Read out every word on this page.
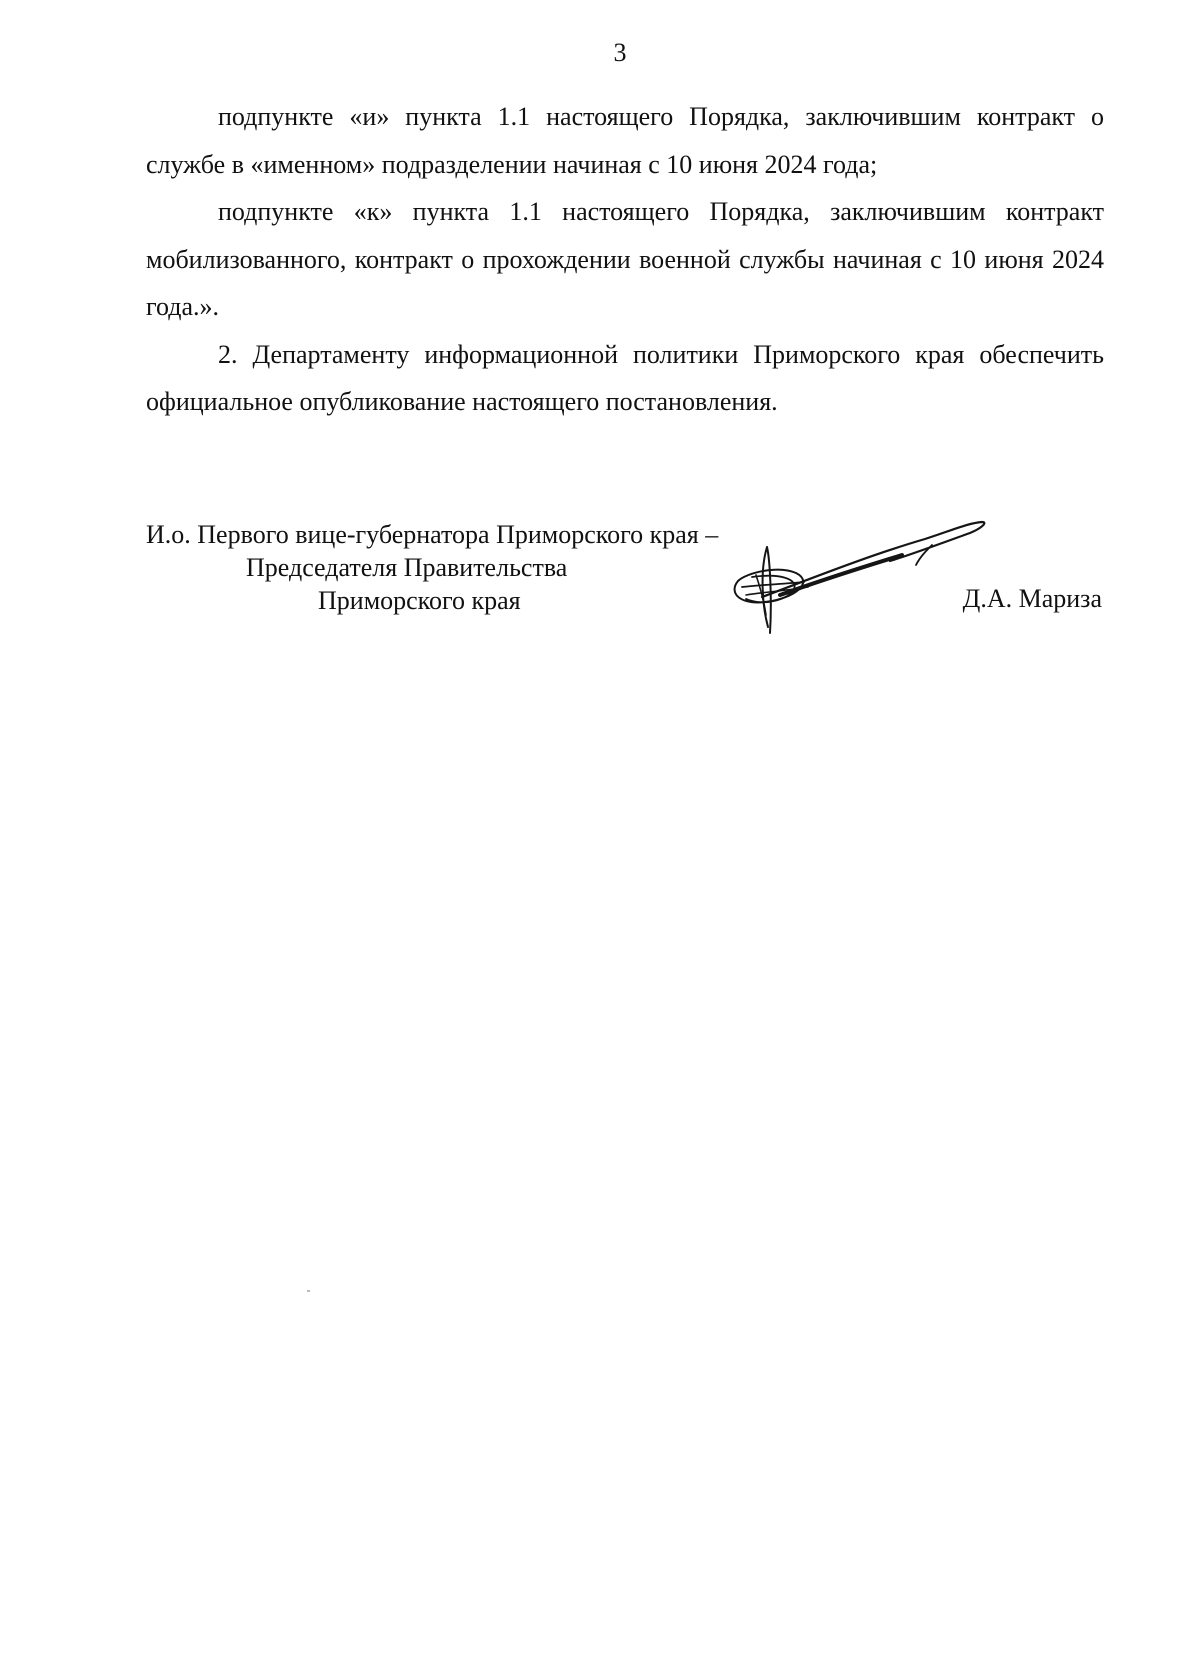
3

подпункте «и» пункта 1.1 настоящего Порядка, заключившим контракт о службе в «именном» подразделении начиная с 10 июня 2024 года;

подпункте «к» пункта 1.1 настоящего Порядка, заключившим контракт мобилизованного, контракт о прохождении военной службы начиная с 10 июня 2024 года.».

2. Департаменту информационной политики Приморского края обеспечить официальное опубликование настоящего постановления.

И.о. Первого вице-губернатора Приморского края –
Председателя Правительства
Приморского края	Д.А. Мариза
